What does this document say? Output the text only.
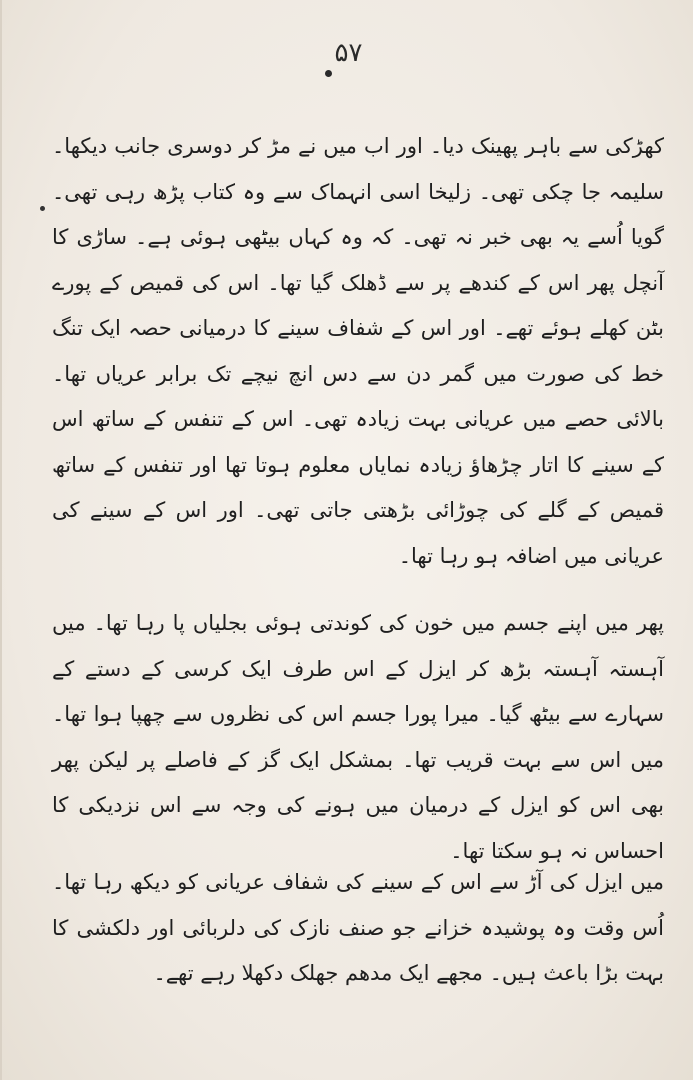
۵۷
کھڑکی سے باہر پھینک دیا۔ اور اب میں نے مڑ کر دوسری جانب دیکھا۔ سلیمہ جا چکی تھی۔ زلیخا اسی انہماک سے وہ کتاب پڑھ رہی تھی۔ گویا اُسے یہ بھی خبر نہ تھی۔ کہ وہ کہاں بیٹھی ہوئی ہے۔ ساڑی کا آنچل پھر اس کے کندھے پر سے ڈھلک گیا تھا۔ اس کی قمیص کے پورے بٹن کھلے ہوئے تھے۔ اور اس کے شفاف سینے کا درمیانی حصہ ایک تنگ خط کی صورت میں گمر دن سے دس انچ نیچے تک برابر عریاں تھا۔ بالائی حصے میں عریانی بہت زیادہ تھی۔ اس کے تنفس کے ساتھ اس کے سینے کا اتار چڑھاؤ زیادہ نمایاں معلوم ہوتا تھا اور تنفس کے ساتھ قمیص کے گلے کی چوڑائی بڑھتی جاتی تھی۔ اور اس کے سینے کی عریانی میں اضافہ ہو رہا تھا۔
پھر میں اپنے جسم میں خون کی کوندتی ہوئی بجلیاں پا رہا تھا۔ میں آہستہ آہستہ بڑھ کر ایزل کے اس طرف ایک کرسی کے دستے کے سہارے سے بیٹھ گیا۔ میرا پورا جسم اس کی نظروں سے چھپا ہوا تھا۔ میں اس سے بہت قریب تھا۔ بمشکل ایک گز کے فاصلے پر لیکن پھر بھی اس کو ایزل کے درمیان میں ہونے کی وجہ سے اس نزدیکی کا احساس نہ ہو سکتا تھا۔
میں ایزل کی آڑ سے اس کے سینے کی شفاف عریانی کو دیکھ رہا تھا۔ اُس وقت وہ پوشیدہ خزانے جو صنف نازک کی دلربائی اور دلکشی کا بہت بڑا باعث ہیں۔ مجھے ایک مدھم جھلک دکھلا رہے تھے۔
